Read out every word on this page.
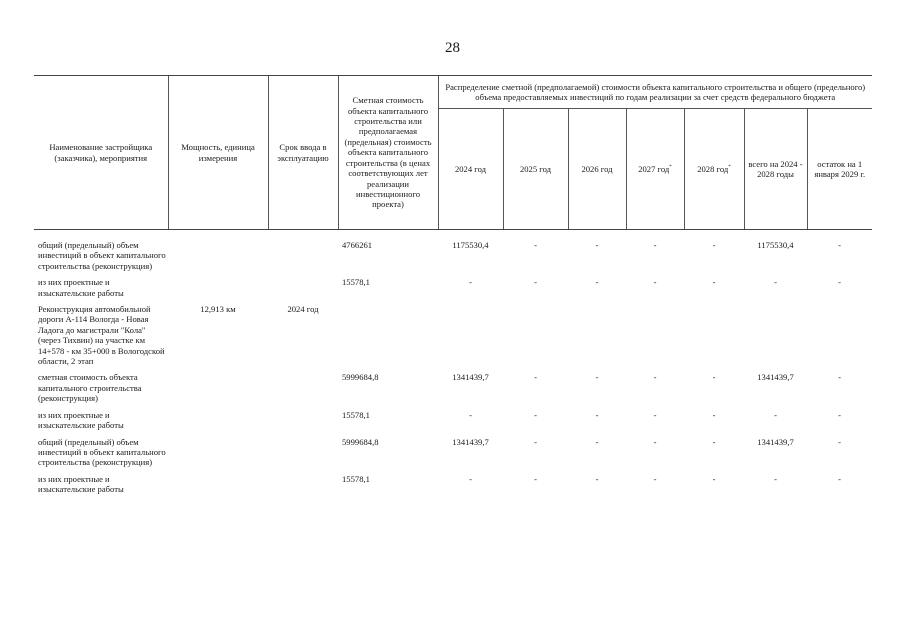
28
Наименование застройщика (заказчика), мероприятия	Мощность, единица измерения	Срок ввода в эксплуатацию	Сметная стоимость объекта капитального строительства или предполагаемая (предельная) стоимость объекта капитального строительства (в ценах соответствующих лет реализации инвестиционного проекта)	Распределение сметной (предполагаемой) стоимости объекта капитального строительства и общего (предельного) объема предоставляемых инвестиций по годам реализации за счет средств федерального бюджета						
				2024 год	2025 год	2026 год	2027 год*	2028 год*	всего на 2024 - 2028 годы	остаток на 1 января 2029 г.

общий (предельный) объем инвестиций в объект капитального строительства (реконструкция)			4766261	1175530,4	-	-	-	-	1175530,4	-
из них проектные и изыскательские работы			15578,1	-	-	-	-	-	-	-
Реконструкция автомобильной дороги А-114 Вологда - Новая Ладога до магистрали "Кола" (через Тихвин) на участке км 14+578 - км 35+000 в Вологодской области, 2 этап	12,913 км	2024 год								
сметная стоимость объекта капитального строительства (реконструкция)			5999684,8	1341439,7	-	-	-	-	1341439,7	-
из них проектные и изыскательские работы			15578,1	-	-	-	-	-	-	-
общий (предельный) объем инвестиций в объект капитального строительства (реконструкция)			5999684,8	1341439,7	-	-	-	-	1341439,7	-
из них проектные и изыскательские работы			15578,1	-	-	-	-	-	-	-
